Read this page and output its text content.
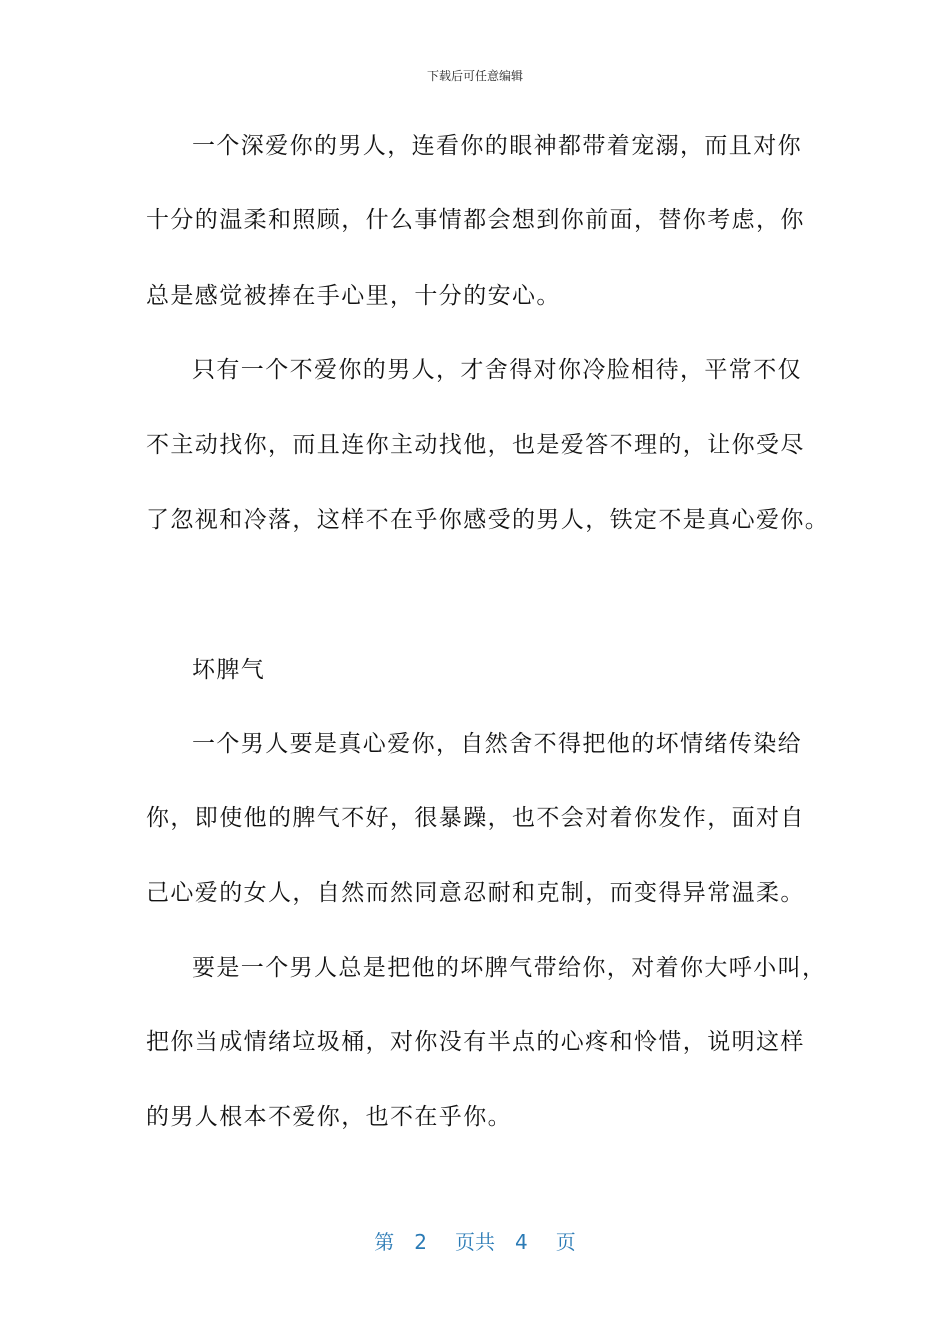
下载后可任意编辑
一个深爱你的男人，连看你的眼神都带着宠溺，而且对你
十分的温柔和照顾，什么事情都会想到你前面，替你考虑，你
总是感觉被捧在手心里，十分的安心。
只有一个不爱你的男人，才舍得对你冷脸相待，平常不仅
不主动找你，而且连你主动找他，也是爱答不理的，让你受尽
了忽视和冷落，这样不在乎你感受的男人，铁定不是真心爱你。
坏脾气
一个男人要是真心爱你，自然舍不得把他的坏情绪传染给
你，即使他的脾气不好，很暴躁，也不会对着你发作，面对自
己心爱的女人，自然而然同意忍耐和克制，而变得异常温柔。
要是一个男人总是把他的坏脾气带给你，对着你大呼小叫，
把你当成情绪垃圾桶，对你没有半点的心疼和怜惜，说明这样
的男人根本不爱你，也不在乎你。
第 2 页共 4 页
